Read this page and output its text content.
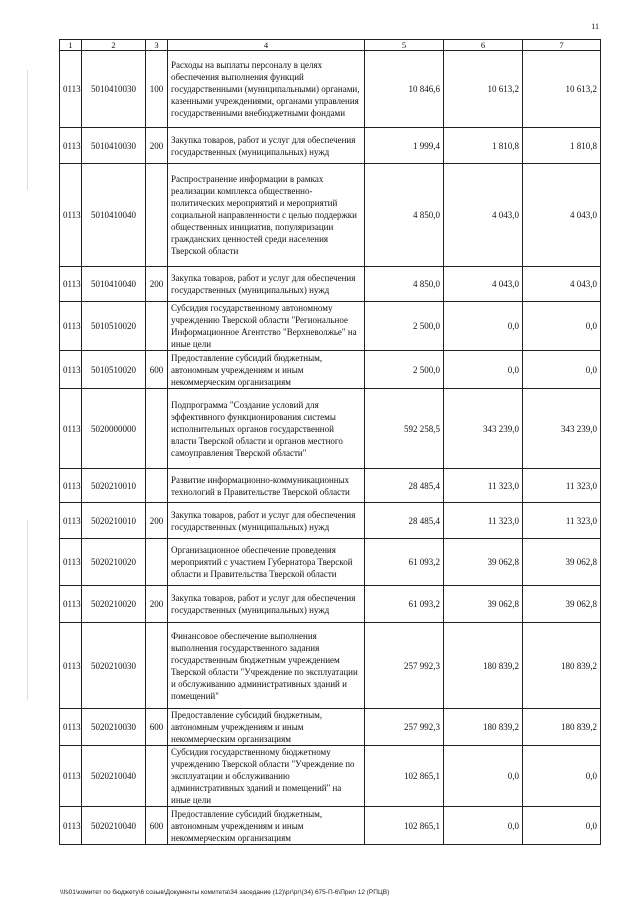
11
1	2	3	4	5	6	7
0113	5010410030	100	Расходы на выплаты персоналу в целях обеспечения выполнения функций государственными (муниципальными) органами, казенными учреждениями, органами управления государственными внебюджетными фондами	10 846,6	10 613,2	10 613,2
0113	5010410030	200	Закупка товаров, работ и услуг для обеспечения государственных (муниципальных) нужд	1 999,4	1 810,8	1 810,8
0113	5010410040		Распространение информации в рамках реализации комплекса общественно-политических мероприятий и мероприятий социальной направленности с целью поддержки общественных инициатив, популяризации гражданских ценностей среди населения Тверской области	4 850,0	4 043,0	4 043,0
0113	5010410040	200	Закупка товаров, работ и услуг для обеспечения государственных (муниципальных) нужд	4 850,0	4 043,0	4 043,0
0113	5010510020		Субсидия государственному автономному учреждению Тверской области "Региональное Информационное Агентство "Верхневолжье" на иные цели	2 500,0	0,0	0,0
0113	5010510020	600	Предоставление субсидий бюджетным, автономным учреждениям и иным некоммерческим организациям	2 500,0	0,0	0,0
0113	5020000000		Подпрограмма "Создание условий для эффективного функционирования системы исполнительных органов государственной власти Тверской области и органов местного самоуправления Тверской области"	592 258,5	343 239,0	343 239,0
0113	5020210010		Развитие информационно-коммуникационных технологий в Правительстве Тверской области	28 485,4	11 323,0	11 323,0
0113	5020210010	200	Закупка товаров, работ и услуг для обеспечения государственных (муниципальных) нужд	28 485,4	11 323,0	11 323,0
0113	5020210020		Организационное обеспечение проведения мероприятий с участием Губернатора Тверской области и Правительства Тверской области	61 093,2	39 062,8	39 062,8
0113	5020210020	200	Закупка товаров, работ и услуг для обеспечения государственных (муниципальных) нужд	61 093,2	39 062,8	39 062,8
0113	5020210030		Финансовое обеспечение выполнения выполнения государственного задания государственным бюджетным учреждением Тверской области "Учреждение по эксплуатации и обслуживанию административных зданий и помещений"	257 992,3	180 839,2	180 839,2
0113	5020210030	600	Предоставление субсидий бюджетным, автономным учреждениям и иным некоммерческим организациям	257 992,3	180 839,2	180 839,2
0113	5020210040		Субсидия государственному бюджетному учреждению Тверской области "Учреждение по эксплуатации и обслуживанию административных зданий и помещений" на иные цели	102 865,1	0,0	0,0
0113	5020210040	600	Предоставление субсидий бюджетным, автономным учреждениям и иным некоммерческим организациям	102 865,1	0,0	0,0
\\fs01\комитет по бюджету\6 созыв\Документы комитета\34 заседание (12)\рг\рг\(34) 675-П-6\Прил 12 (РПЦВ)
